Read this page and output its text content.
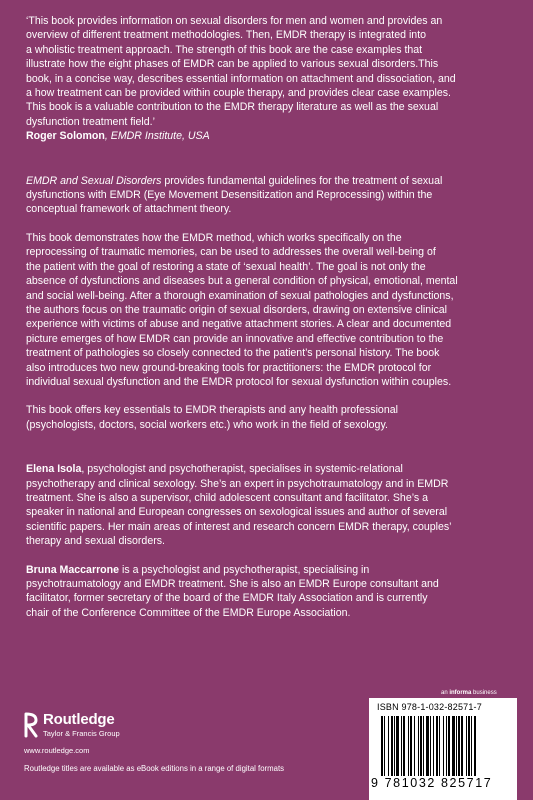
‘This book provides information on sexual disorders for men and women and provides an

overview of different treatment methodologies. Then, EMDR therapy is integrated into

a wholistic treatment approach. The strength of this book are the case examples that

illustrate how the eight phases of EMDR can be applied to various sexual disorders.This

book, in a concise way, describes essential information on attachment and dissociation, and

a how treatment can be provided within couple therapy, and provides clear case examples.

This book is a valuable contribution to the EMDR therapy literature as well as the sexual

dysfunction treatment field.’

Roger Solomon, EMDR Institute, USA

EMDR and Sexual Disorders provides fundamental guidelines for the treatment of sexual

dysfunctions with EMDR (Eye Movement Desensitization and Reprocessing) within the

conceptual framework of attachment theory.

This book demonstrates how the EMDR method, which works specifically on the

reprocessing of traumatic memories, can be used to addresses the overall well-being of

the patient with the goal of restoring a state of ‘sexual health’. The goal is not only the

absence of dysfunctions and diseases but a general condition of physical, emotional, mental

and social well-being. After a thorough examination of sexual pathologies and dysfunctions,

the authors focus on the traumatic origin of sexual disorders, drawing on extensive clinical

experience with victims of abuse and negative attachment stories. A clear and documented

picture emerges of how EMDR can provide an innovative and effective contribution to the

treatment of pathologies so closely connected to the patient’s personal history. The book

also introduces two new ground-breaking tools for practitioners: the EMDR protocol for

individual sexual dysfunction and the EMDR protocol for sexual dysfunction within couples.

This book offers key essentials to EMDR therapists and any health professional

(psychologists, doctors, social workers etc.) who work in the field of sexology.

Elena Isola, psychologist and psychotherapist, specialises in systemic-relational

psychotherapy and clinical sexology. She’s an expert in psychotraumatology and in EMDR

treatment. She is also a supervisor, child adolescent consultant and facilitator. She’s a

speaker in national and European congresses on sexological issues and author of several

scientific papers. Her main areas of interest and research concern EMDR therapy, couples’

therapy and sexual disorders.

Bruna Maccarrone is a psychologist and psychotherapist, specialising in

psychotraumatology and EMDR treatment. She is also an EMDR Europe consultant and

facilitator, former secretary of the board of the EMDR Italy Association and is currently

chair of the Conference Committee of the EMDR Europe Association.

Routledge
Taylor & Francis Group
www.routledge.com
Routledge titles are available as eBook editions in a range of digital formats
an informa business
ISBN 978-1-032-82571-7
9 781032 825717
